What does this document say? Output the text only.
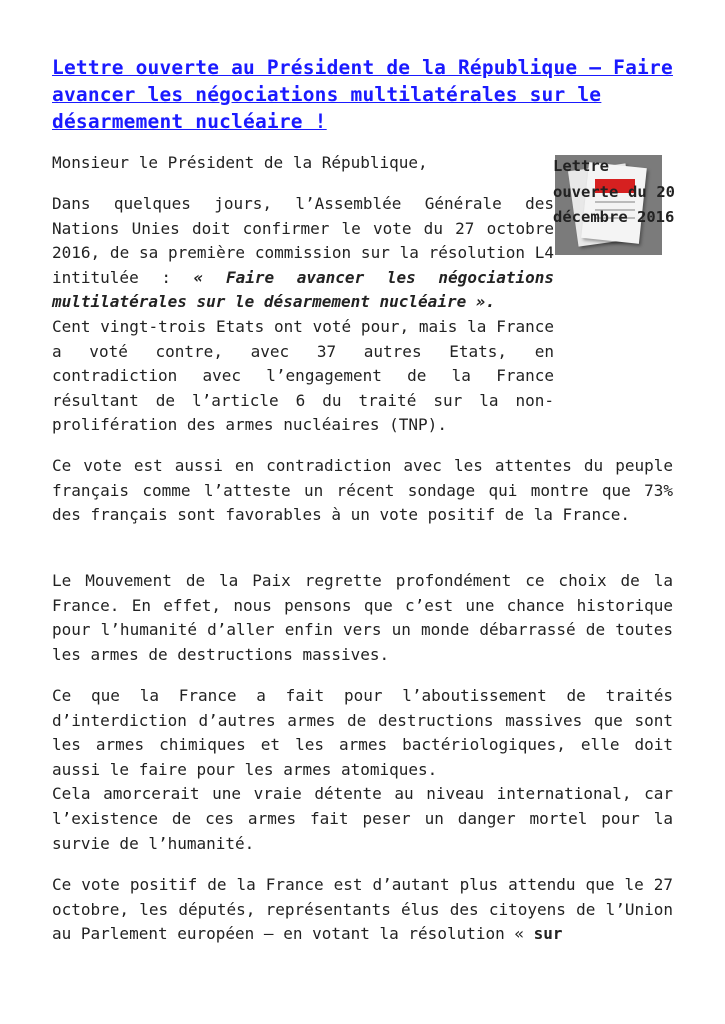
Lettre ouverte au Président de la République – Faire avancer les négociations multilatérales sur le désarmement nucléaire !
Lettre ouverte du 20 décembre 2016

Monsieur le Président de la République,

Dans quelques jours, l’Assemblée Générale des Nations Unies doit confirmer le vote du 27 octobre 2016, de sa première commission sur la résolution L4 intitulée : « Faire avancer les négociations multilatérales sur le désarmement nucléaire ».
Cent vingt-trois Etats ont voté pour, mais la France a voté contre, avec 37 autres Etats, en contradiction avec l’engagement de la France résultant de l’article 6 du traité sur la non-prolifération des armes nucléaires (TNP).

Ce vote est aussi en contradiction avec les attentes du peuple français comme l’atteste un récent sondage qui montre que 73% des français sont favorables à un vote positif de la France.

Le Mouvement de la Paix regrette profondément ce choix de la France. En effet, nous pensons que c’est une chance historique pour l’humanité d’aller enfin vers un monde débarrassé de toutes les armes de destructions massives.

Ce que la France a fait pour l’aboutissement de traités d’interdiction d’autres armes de destructions massives que sont les armes chimiques et les armes bactériologiques, elle doit aussi le faire pour les armes atomiques.
Cela amorcerait une vraie détente au niveau international, car l’existence de ces armes fait peser un danger mortel pour la survie de l’humanité.

Ce vote positif de la France est d’autant plus attendu que le 27 octobre, les députés, représentants élus des citoyens de l’Union au Parlement européen – en votant la résolution « sur
